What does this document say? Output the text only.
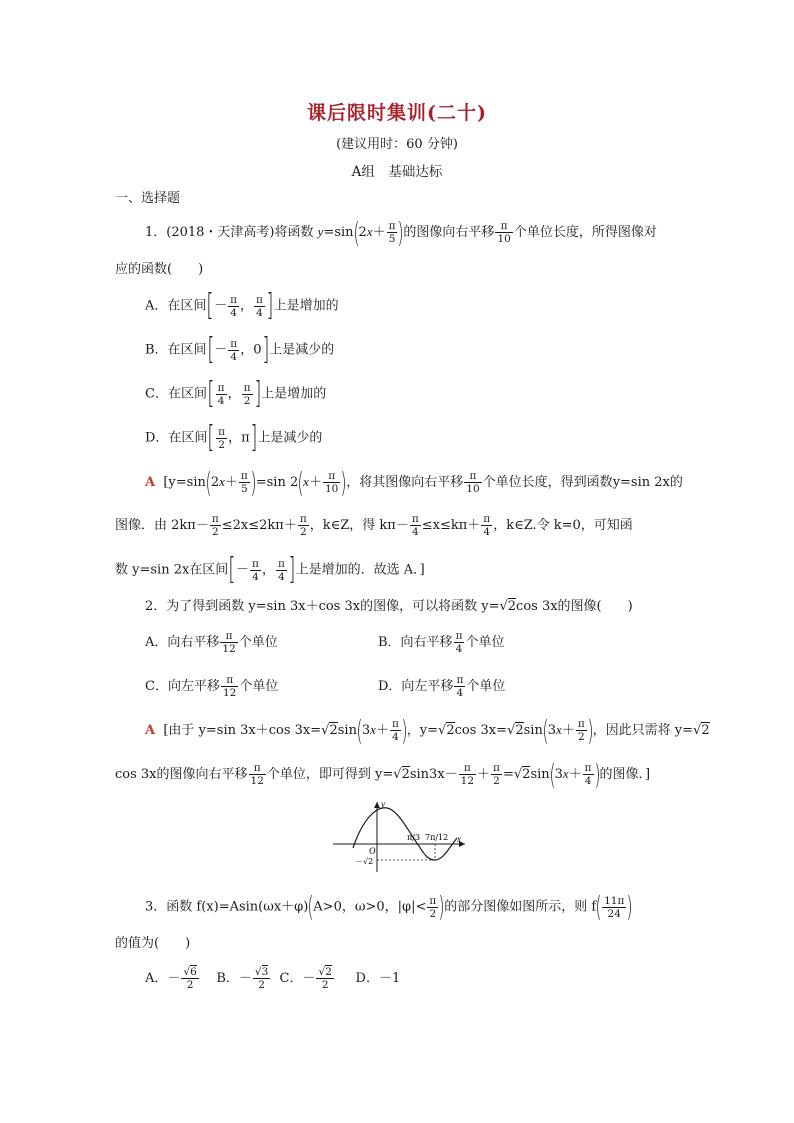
课后限时集训(二十)
(建议用时：60 分钟)
A组　基础达标
一、选择题
1．(2018・天津高考)将函数 $y=\sin(2x+ \frac{\pi}{5}$ )的图像向右平移 $\frac{\pi}{10}$ 个单位长度，所得图像对
应的函数(　　)
A．在区间[－ $\frac{\pi}{4}$ ， $\frac{\pi}{4}$ ]上是增加的
B．在区间[－ $\frac{\pi}{4}$ ，0]上是减少的
C．在区间[ $\frac{\pi}{4}$ ， $\frac{\pi}{2}$ ]上是增加的
D．在区间[ $\frac{\pi}{2}$ ，π]上是减少的
A [$y=\sin(2x+ \frac{\pi}{5} )=\sin$ $2(x+ \frac{\pi}{10}$ )，将其图像向右平移 $\frac{\pi}{10}$ 个单位长度，得到函数y=sin 2x的
图像．由 $2k\pi- \frac{\pi}{2} \le 2x\le 2k\pi+ \frac{\pi}{2}$ ，k∈Z，得 $k\pi- \frac{\pi}{4} \le x\le k\pi+ \frac{\pi}{4}$ ，k∈Z.令 k=0，可知函
数 y=sin 2x在区间[－ $\frac{\pi}{4}$ ， $\frac{\pi}{4}$ ]上是增加的．故选 A．]
2．为了得到函数 y=sin 3x＋cos 3x的图像，可以将函数 y=√2cos 3x的图像(　　)
A．向右平移 $\frac{\pi}{12}$ 个单位	B．向右平移 $\frac{\pi}{4}$ 个单位
C．向左平移 $\frac{\pi}{12}$ 个单位	D．向左平移 $\frac{\pi}{4}$ 个单位
A [由于 y=sin 3x＋cos $3x=√2\sin(3x+ \frac{\pi}{4}$ )，y=√2cos $3x=√2\sin(3x+ \frac{\pi}{2}$ )，因此只需将 y=√2
cos 3x的图像向右平移 $\frac{\pi}{12}$ 个单位，即可得到 $y=√2\sin 3x- \frac{\pi}{12} + \frac{\pi}{2} =√2\sin(3x+ \frac{\pi}{4}$ )的图像．]
y
x
O
π/3 7π/12
－√2
3．函数 f(x)=Asin(ωx＋φ)(A>0，ω>0，$|\varphi|< \frac{\pi}{2}$ )的部分图像如图所示，则 $f( \frac{11\pi}{24}$ )
的值为(　　)
A．－ $\frac{√6}{2}$ B．－ $\frac{√3}{2}$ C．－ $\frac{√2}{2}$ D．－1
